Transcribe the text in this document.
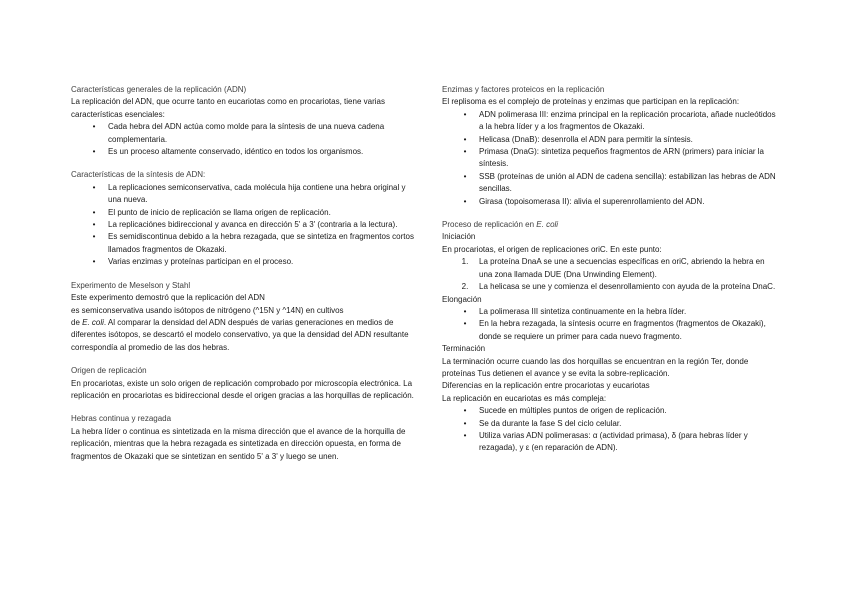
Características generales de la replicación (ADN)

La replicación del ADN, que ocurre tanto en eucariotas como en procariotas, tiene varias características esenciales:

•	Cada hebra del ADN actúa como molde para la síntesis de una nueva cadena complementaria.
•	Es un proceso altamente conservado, idéntico en todos los organismos.

Características de la síntesis de ADN:

•	La replicaciones semiconservativa, cada molécula hija contiene una hebra original y una nueva.
•	El punto de inicio de replicación se llama origen de replicación.
•	La replicaciónes bidireccional y avanca en dirección 5' a 3' (contraria a la lectura).
•	Es semidiscontinua debido a la hebra rezagada, que se sintetiza en fragmentos cortos llamados fragmentos de Okazaki.
•	Varias enzimas y proteínas participan en el proceso.

Experimento de Meselson y Stahl

Este experimento demostró que la replicación del ADN

es semiconservativa usando isótopos de nitrógeno (^15N y ^14N) en cultivos

de E. coli. Al comparar la densidad del ADN después de varias generaciones en medios de diferentes isótopos, se descartó el modelo conservativo, ya que la densidad del ADN resultante correspondía al promedio de las dos hebras.

Origen de replicación

En procariotas, existe un solo origen de replicación comprobado por microscopía electrónica. La replicación en procariotas es bidireccional desde el origen gracias a las horquillas de replicación.

Hebras continua y rezagada

La hebra líder o continua es sintetizada en la misma dirección que el avance de la horquilla de replicación, mientras que la hebra rezagada es sintetizada en dirección opuesta, en forma de fragmentos de Okazaki que se sintetizan en sentido 5' a 3' y luego se unen.

Enzimas y factores proteicos en la replicación

El replisoma es el complejo de proteínas y enzimas que participan en la replicación:

•	ADN polimerasa III: enzima principal en la replicación procariota, añade nucleótidos a la hebra líder y a los fragmentos de Okazaki.
•	Helicasa (DnaB): desenrolla el ADN para permitir la síntesis.
•	Primasa (DnaG): sintetiza pequeños fragmentos de ARN (primers) para iniciar la síntesis.
•	SSB (proteínas de unión al ADN de cadena sencilla): estabilizan las hebras de ADN sencillas.
•	Girasa (topoisomerasa II): alivia el superenrollamiento del ADN.

Proceso de replicación en E. coli

Iniciación

En procariotas, el origen de replicaciones oriC. En este punto:

1.	La proteína DnaA se une a secuencias específicas en oriC, abriendo la hebra en una zona llamada DUE (Dna Unwinding Element).
2.	La helicasa se une y comienza el desenrollamiento con ayuda de la proteína DnaC.

Elongación

•	La polimerasa III sintetiza continuamente en la hebra líder.
•	En la hebra rezagada, la síntesis ocurre en fragmentos (fragmentos de Okazaki), donde se requiere un primer para cada nuevo fragmento.

Terminación

La terminación ocurre cuando las dos horquillas se encuentran en la región Ter, donde proteínas Tus detienen el avance y se evita la sobre-replicación.

Diferencias en la replicación entre procariotas y eucariotas

La replicación en eucariotas es más compleja:

•	Sucede en múltiples puntos de origen de replicación.
•	Se da durante la fase S del ciclo celular.
•	Utiliza varias ADN polimerasas: α (actividad primasa), δ (para hebras líder y rezagada), y ε (en reparación de ADN).
